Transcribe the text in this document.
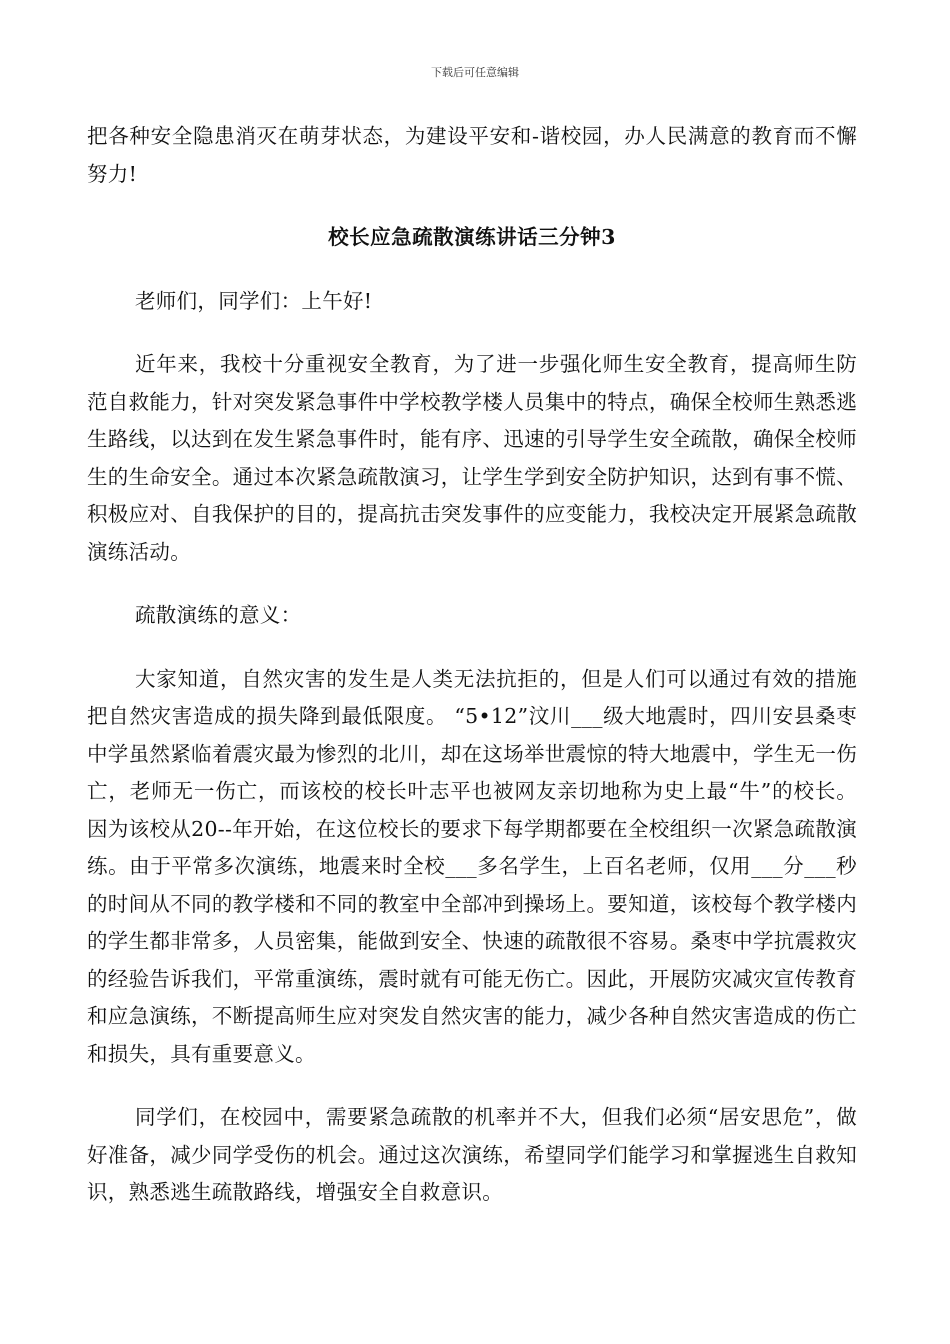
下载后可任意编辑

把各种安全隐患消灭在萌芽状态，为建设平安和-谐校园，办人民满意的教育而不懈努力!

校长应急疏散演练讲话三分钟3

老师们，同学们：上午好!

近年来，我校十分重视安全教育，为了进一步强化师生安全教育，提高师生防范自救能力，针对突发紧急事件中学校教学楼人员集中的特点，确保全校师生熟悉逃生路线，以达到在发生紧急事件时，能有序、迅速的引导学生安全疏散，确保全校师生的生命安全。通过本次紧急疏散演习，让学生学到安全防护知识，达到有事不慌、积极应对、自我保护的目的，提高抗击突发事件的应变能力，我校决定开展紧急疏散演练活动。

疏散演练的意义：

大家知道，自然灾害的发生是人类无法抗拒的，但是人们可以通过有效的措施把自然灾害造成的损失降到最低限度。 “5•12”汶川___级大地震时，四川安县桑枣中学虽然紧临着震灾最为惨烈的北川，却在这场举世震惊的特大地震中，学生无一伤亡，老师无一伤亡，而该校的校长叶志平也被网友亲切地称为史上最“牛”的校长。因为该校从20--年开始，在这位校长的要求下每学期都要在全校组织一次紧急疏散演练。由于平常多次演练，地震来时全校___多名学生，上百名老师，仅用___分___秒的时间从不同的教学楼和不同的教室中全部冲到操场上。要知道，该校每个教学楼内的学生都非常多，人员密集，能做到安全、快速的疏散很不容易。桑枣中学抗震救灾的经验告诉我们，平常重演练，震时就有可能无伤亡。因此，开展防灾减灾宣传教育和应急演练，不断提高师生应对突发自然灾害的能力，减少各种自然灾害造成的伤亡和损失，具有重要意义。

同学们，在校园中，需要紧急疏散的机率并不大，但我们必须“居安思危”，做好准备，减少同学受伤的机会。通过这次演练，希望同学们能学习和掌握逃生自救知识，熟悉逃生疏散路线，增强安全自救意识。
